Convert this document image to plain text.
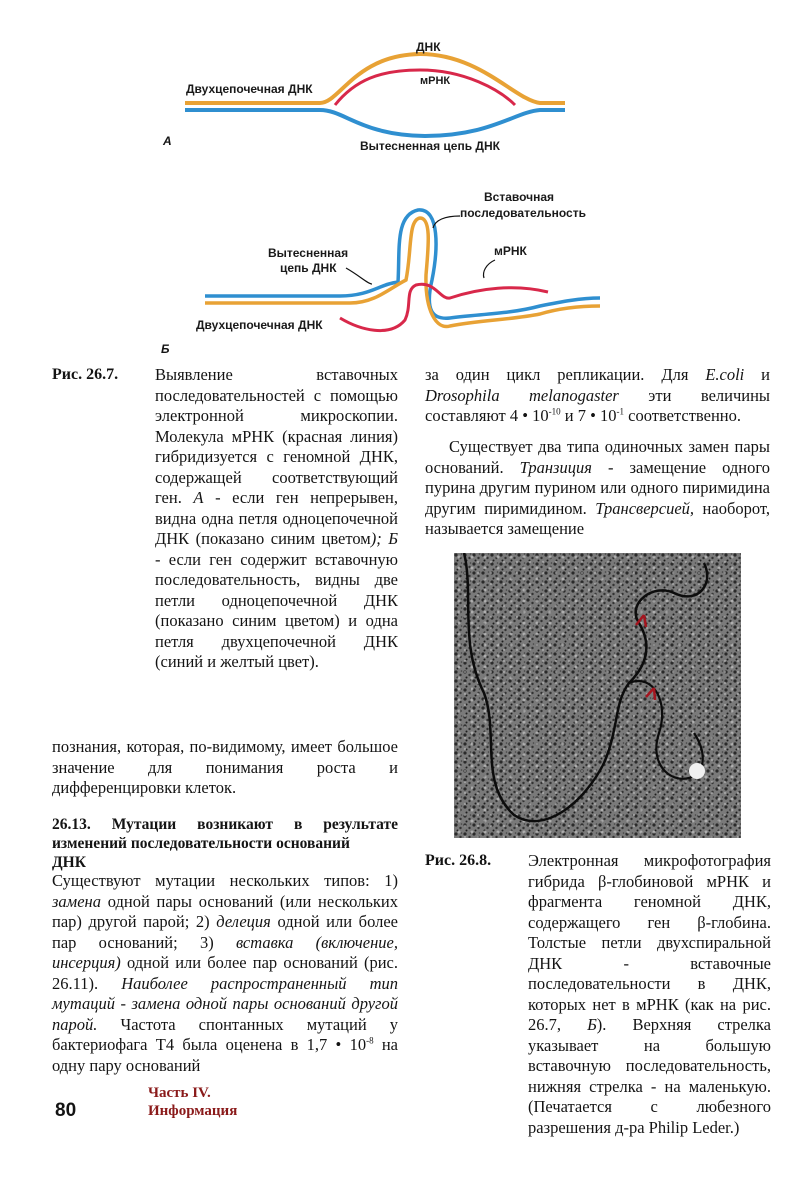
ДНК
мРНК
Двухцепочечная ДНК
Вытесненная цепь ДНК
А
Вставочная
последовательность
Вытесненная
цепь ДНК
мРНК
Двухцепочечная ДНК
Б
Рис. 26.7. Выявление вставочных последовательностей с помощью электронной микроскопии. Молекула мРНК (красная линия) гибридизуется с геномной ДНК, содержащей соответствующий ген. А - если ген непрерывен, видна одна петля одноцепочечной ДНК (показано синим цветом); Б - если ген содержит вставочную последовательность, видны две петли одноцепочечной ДНК (показано синим цветом) и одна петля двухцепочечной ДНК (синий и желтый цвет).
за один цикл репликации. Для E.coli и Drosophila melanogaster эти величины составляют 4 • $10^{-10}$ и 7 • $10^{-1}$ соответственно.
Существует два типа одиночных замен пары оснований. Транзиция - замещение одного пурина другим пурином или одного пиримидина другим пиримидином. Трансверсией, наоборот, называется замещение
Рис. 26.8. Электронная микрофотография гибрида β-глобиновой мРНК и фрагмента геномной ДНК, содержащего ген β-глобина. Толстые петли двухспиральной ДНК - вставочные последовательности в ДНК, которых нет в мРНК (как на рис. 26.7, Б). Верхняя стрелка указывает на большую вставочную последовательность, нижняя стрелка - на маленькую. (Печатается с любезного разрешения д-ра Philip Leder.)
познания, которая, по-видимому, имеет большое значение для понимания роста и дифференцировки клеток.
26.13. Мутации возникают в результате изменений последовательности оснований
ДНК
Существуют мутации нескольких типов: 1) замена одной пары оснований (или нескольких пар) другой парой; 2) делеция одной или более пар оснований; 3) вставка (включение, инсерция) одной или более пар оснований (рис. 26.11). Наиболее распространенный тип мутаций - замена одной пары оснований другой парой. Частота спонтанных мутаций у бактериофага Т4 была оценена в 1,7 • $10^{-8}$ на одну пару оснований
80
Часть IV.
Информация
